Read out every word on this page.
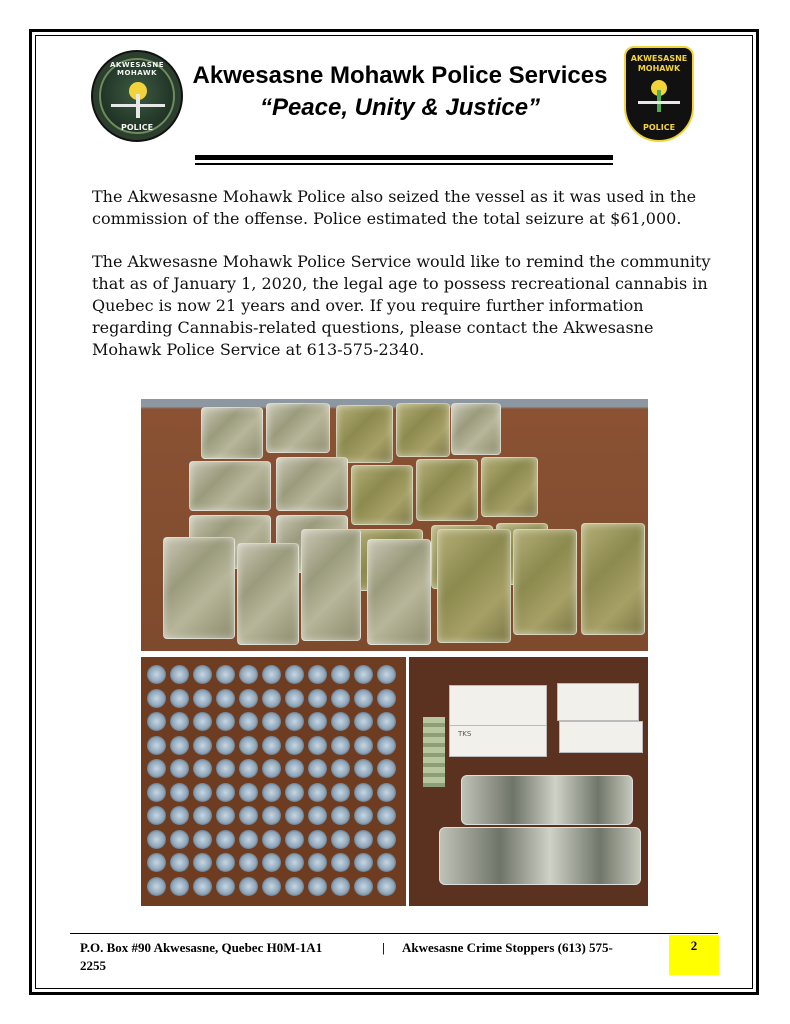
AKWESASNE MOHAWK
POLICE
Akwesasne Mohawk Police Services
“Peace, Unity & Justice”
AKWESASNE
MOHAWK
POLICE

The Akwesasne Mohawk Police also seized the vessel as it was used in the commission of the offense. Police estimated the total seizure at $61,000.

The Akwesasne Mohawk Police Service would like to remind the community that as of January 1, 2020, the legal age to possess recreational cannabis in Quebec is now 21 years and over. If you require further information regarding Cannabis-related questions, please contact the Akwesasne Mohawk Police Service at 613-575-2340.

TKS
P.O. Box #90 Akwesasne, Quebec H0M-1A1	| Akwesasne Crime Stoppers (613) 575-
2255
2
